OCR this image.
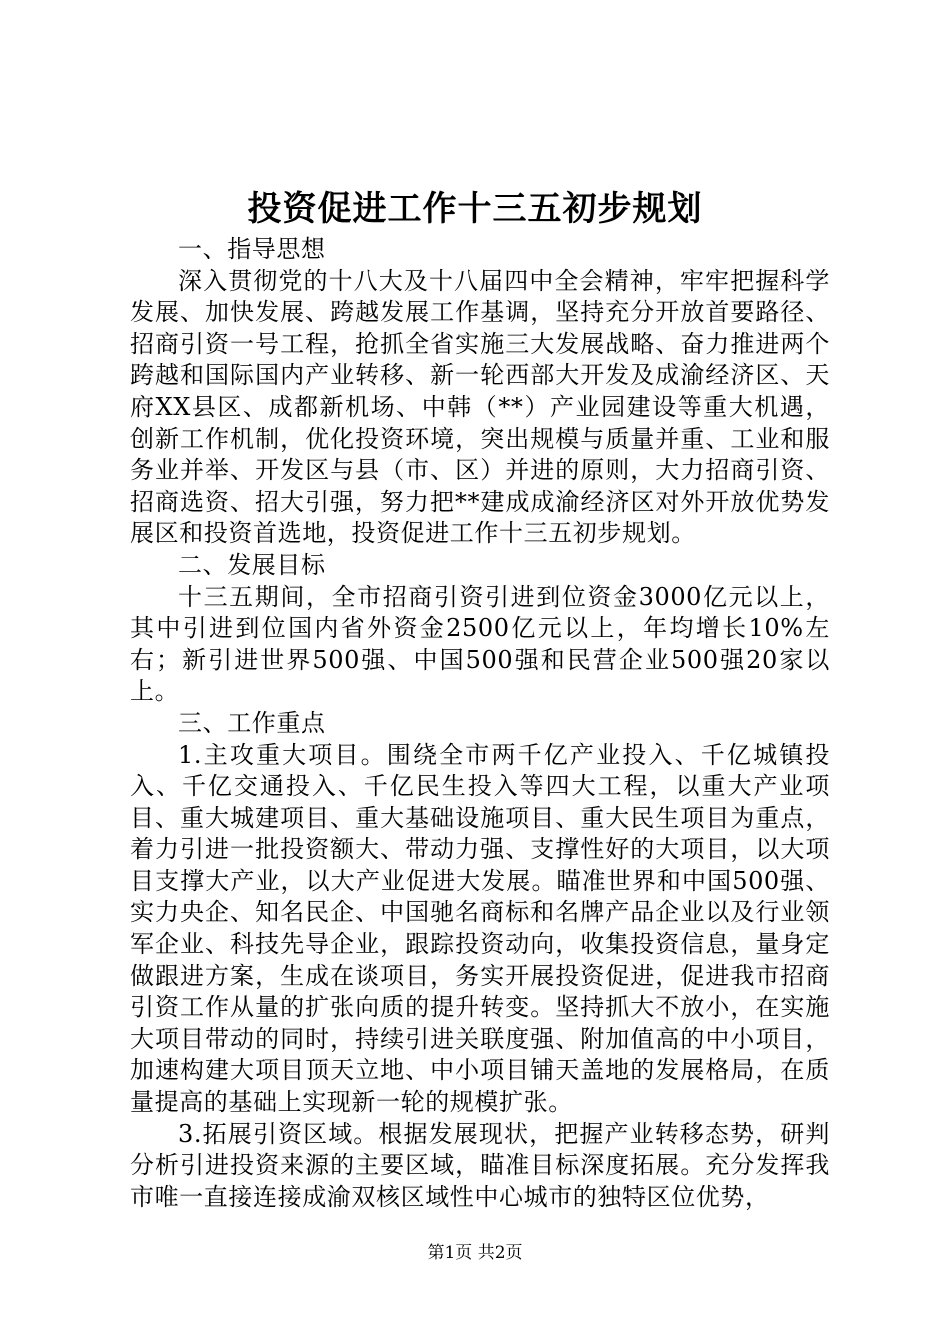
投资促进工作十三五初步规划

一、指导思想

深入贯彻党的十八大及十八届四中全会精神，牢牢把握科学发展、加快发展、跨越发展工作基调，坚持充分开放首要路径、招商引资一号工程，抢抓全省实施三大发展战略、奋力推进两个跨越和国际国内产业转移、新一轮西部大开发及成渝经济区、天府XX县区、成都新机场、中韩（**）产业园建设等重大机遇，创新工作机制，优化投资环境，突出规模与质量并重、工业和服务业并举、开发区与县（市、区）并进的原则，大力招商引资、招商选资、招大引强，努力把**建成成渝经济区对外开放优势发展区和投资首选地，投资促进工作十三五初步规划。

二、发展目标

十三五期间，全市招商引资引进到位资金3000亿元以上，其中引进到位国内省外资金2500亿元以上，年均增长10%左右；新引进世界500强、中国500强和民营企业500强20家以上。

三、工作重点

1.主攻重大项目。围绕全市两千亿产业投入、千亿城镇投入、千亿交通投入、千亿民生投入等四大工程，以重大产业项目、重大城建项目、重大基础设施项目、重大民生项目为重点，着力引进一批投资额大、带动力强、支撑性好的大项目，以大项目支撑大产业，以大产业促进大发展。瞄准世界和中国500强、实力央企、知名民企、中国驰名商标和名牌产品企业以及行业领军企业、科技先导企业，跟踪投资动向，收集投资信息，量身定做跟进方案，生成在谈项目，务实开展投资促进，促进我市招商引资工作从量的扩张向质的提升转变。坚持抓大不放小，在实施大项目带动的同时，持续引进关联度强、附加值高的中小项目，加速构建大项目顶天立地、中小项目铺天盖地的发展格局，在质量提高的基础上实现新一轮的规模扩张。

3.拓展引资区域。根据发展现状，把握产业转移态势，研判分析引进投资来源的主要区域，瞄准目标深度拓展。充分发挥我市唯一直接连接成渝双核区域性中心城市的独特区位优势，

第1页 共2页
